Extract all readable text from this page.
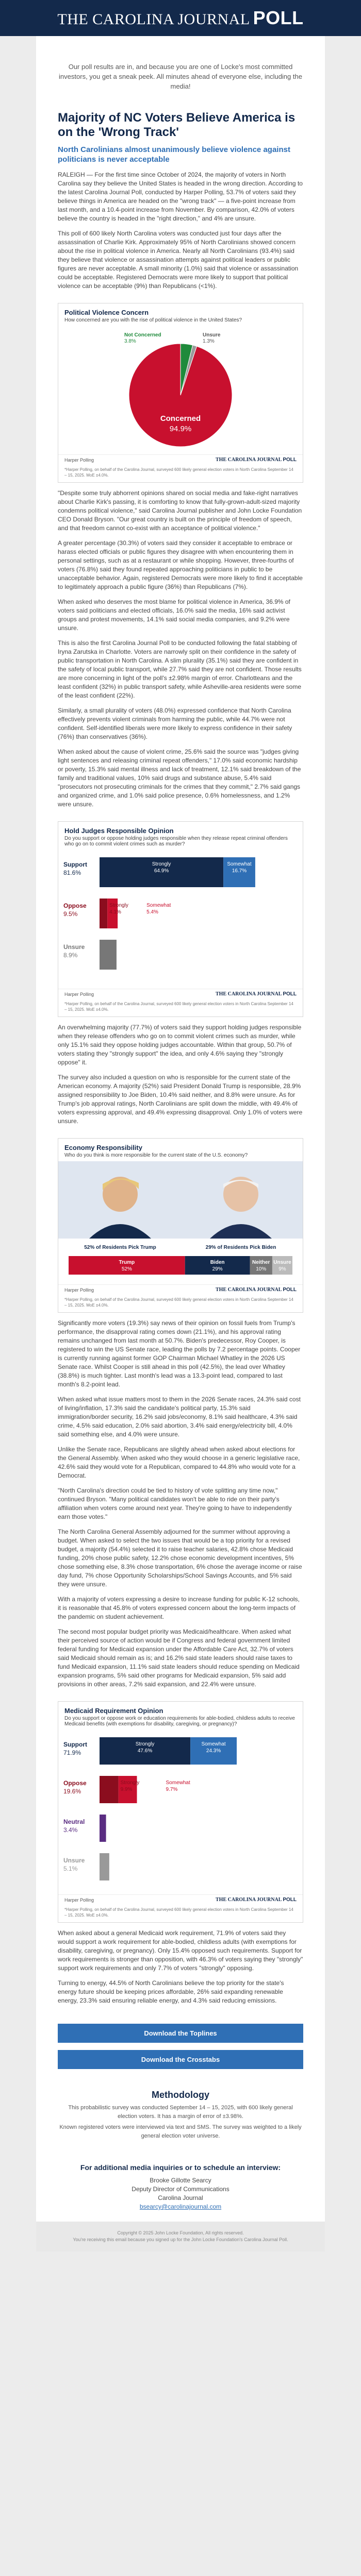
THE CAROLINA JOURNAL POLL
Our poll results are in, and because you are one of Locke's most committed investors, you get a sneak peek. All minutes ahead of everyone else, including the media!
Majority of NC Voters Believe America is on the 'Wrong Track'
North Carolinians almost unanimously believe violence against politicians is never acceptable

RALEIGH — For the first time since October of 2024, the majority of voters in North Carolina say they believe the United States is headed in the wrong direction. According to the latest Carolina Journal Poll, conducted by Harper Polling, 53.7% of voters said they believe things in America are headed on the "wrong track" — a five-point increase from last month, and a 10.4-point increase from November. By comparison, 42.0% of voters believe the country is headed in the "right direction," and 4% are unsure.

This poll of 600 likely North Carolina voters was conducted just four days after the assassination of Charlie Kirk. Approximately 95% of North Carolinians showed concern about the rise in political violence in America. Nearly all North Carolinians (93.4%) said they believe that violence or assassination attempts against political leaders or public figures are never acceptable. A small minority (1.0%) said that violence or assassination could be acceptable. Registered Democrats were more likely to support that political violence can be acceptable (9%) than Republicans (<1%).

Political Violence Concern
How concerned are you with the rise of political violence in the United States?
Not Concerned
3.8%
Unsure
1.3%
Concerned
94.9%
Harper Polling	THE CAROLINA JOURNAL POLL
*Harper Polling, on behalf of the Carolina Journal, surveyed 600 likely general election voters in North Carolina September 14 – 15, 2025. MoE ±4.0%.

"Despite some truly abhorrent opinions shared on social media and fake-right narratives about Charlie Kirk's passing, it is comforting to know that fully-grown-adult-sized majority condemns political violence," said Carolina Journal publisher and John Locke Foundation CEO Donald Bryson. "Our great country is built on the principle of freedom of speech, and that freedom cannot co-exist with an acceptance of political violence."

A greater percentage (30.3%) of voters said they consider it acceptable to embrace or harass elected officials or public figures they disagree with when encountering them in personal settings, such as at a restaurant or while shopping. However, three-fourths of voters (76.8%) said they found repeated approaching politicians in public to be unacceptable behavior. Again, registered Democrats were more likely to find it acceptable to legitimately approach a public figure (36%) than Republicans (7%).

When asked who deserves the most blame for political violence in America, 36.9% of voters said politicians and elected officials, 16.0% said the media, 16% said activist groups and protest movements, 14.1% said social media companies, and 9.2% were unsure.

This is also the first Carolina Journal Poll to be conducted following the fatal stabbing of Iryna Zarutska in Charlotte. Voters are narrowly split on their confidence in the safety of public transportation in North Carolina. A slim plurality (35.1%) said they are confident in the safety of local public transport, while 27.7% said they are not confident. Those results are more concerning in light of the poll's ±2.98% margin of error. Charlotteans and the least confident (32%) in public transport safety, while Asheville-area residents were some of the least confident (22%).

Similarly, a small plurality of voters (48.0%) expressed confidence that North Carolina effectively prevents violent criminals from harming the public, while 44.7% were not confident. Self-identified liberals were more likely to express confidence in their safety (76%) than conservatives (36%).

When asked about the cause of violent crime, 25.6% said the source was "judges giving light sentences and releasing criminal repeat offenders," 17.0% said economic hardship or poverty, 15.3% said mental illness and lack of treatment, 12.1% said breakdown of the family and traditional values, 10% said drugs and substance abuse, 5.4% said "prosecutors not prosecuting criminals for the crimes that they commit," 2.7% said gangs and organized crime, and 1.0% said police presence, 0.6% homelessness, and 1.2% were unsure.

Hold Judges Responsible Opinion
Do you support or oppose holding judges responsible when they release repeat criminal offenders who go on to commit violent crimes such as murder?
Support
81.6%
Strongly
64.9%
Somewhat
16.7%
Oppose
9.5%
Strongly
4.1%
Somewhat
5.4%
Unsure
8.9%
Harper Polling	THE CAROLINA JOURNAL POLL
*Harper Polling, on behalf of the Carolina Journal, surveyed 600 likely general election voters in North Carolina September 14 – 15, 2025. MoE ±4.0%.

An overwhelming majority (77.7%) of voters said they support holding judges responsible when they release offenders who go on to commit violent crimes such as murder, while only 15.1% said they oppose holding judges accountable. Within that group, 50.7% of voters stating they "strongly support" the idea, and only 4.6% saying they "strongly oppose" it.

The survey also included a question on who is responsible for the current state of the American economy. A majority (52%) said President Donald Trump is responsible, 28.9% assigned responsibility to Joe Biden, 10.4% said neither, and 8.8% were unsure. As for Trump's job approval ratings, North Carolinians are split down the middle, with 49.4% of voters expressing approval, and 49.4% expressing disapproval. Only 1.0% of voters were unsure.

Economy Responsibility
Who do you think is more responsible for the current state of the U.S. economy?
52% of Residents Pick Trump	29% of Residents Pick Biden
Trump
52%
Biden
29%
Neither
10%
Unsure
9%
Harper Polling	THE CAROLINA JOURNAL POLL
*Harper Polling, on behalf of the Carolina Journal, surveyed 600 likely general election voters in North Carolina September 14 – 15, 2025. MoE ±4.0%.

Significantly more voters (19.3%) say news of their opinion on fossil fuels from Trump's performance, the disapproval rating comes down (21.1%), and his approval rating remains unchanged from last month at 50.7%. Biden's predecessor, Roy Cooper, is registered to win the US Senate race, leading the polls by 7.2 percentage points. Cooper is currently running against former GOP Chairman Michael Whatley in the 2026 US Senate race. Whilst Cooper is still ahead in this poll (42.5%), the lead over Whatley (38.8%) is much tighter. Last month's lead was a 13.3-point lead, compared to last month's 8.2-point lead.

When asked what issue matters most to them in the 2026 Senate races, 24.3% said cost of living/inflation, 17.3% said the candidate's political party, 15.3% said immigration/border security, 16.2% said jobs/economy, 8.1% said healthcare, 4.3% said crime, 4.5% said education, 2.0% said abortion, 3.4% said energy/electricity bill, 4.0% said something else, and 4.0% were unsure.

Unlike the Senate race, Republicans are slightly ahead when asked about elections for the General Assembly. When asked who they would choose in a generic legislative race, 42.6% said they would vote for a Republican, compared to 44.8% who would vote for a Democrat.

"North Carolina's direction could be tied to history of vote splitting any time now," continued Bryson. "Many political candidates won't be able to ride on their party's affiliation when voters come around next year. They're going to have to independently earn those votes."

The North Carolina General Assembly adjourned for the summer without approving a budget. When asked to select the two issues that would be a top priority for a revised budget, a majority (54.4%) selected it to raise teacher salaries, 42.8% chose Medicaid funding, 20% chose public safety, 12.2% chose economic development incentives, 5% chose something else, 8.3% chose transportation, 6% chose the average income or raise day fund, 7% chose Opportunity Scholarships/School Savings Accounts, and 5% said they were unsure.

With a majority of voters expressing a desire to increase funding for public K-12 schools, it is reasonable that 45.8% of voters expressed concern about the long-term impacts of the pandemic on student achievement.

The second most popular budget priority was Medicaid/healthcare. When asked what their perceived source of action would be if Congress and federal government limited federal funding for Medicaid expansion under the Affordable Care Act, 32.7% of voters said Medicaid should remain as is; and 16.2% said state leaders should raise taxes to fund Medicaid expansion, 11.1% said state leaders should reduce spending on Medicaid expansion programs, 5% said other programs for Medicaid expansion, 5% said add provisions in other areas, 7.2% said expansion, and 22.4% were unsure.

Medicaid Requirement Opinion
Do you support or oppose work or education requirements for able-bodied, childless adults to receive Medicaid benefits (with exemptions for disability, caregiving, or pregnancy)?
Support
71.9%
Strongly
47.6%
Somewhat
24.3%
Oppose
19.6%
Strongly
9.9%
Somewhat
9.7%
Neutral
3.4%
Unsure
5.1%
Harper Polling	THE CAROLINA JOURNAL POLL
*Harper Polling, on behalf of the Carolina Journal, surveyed 600 likely general election voters in North Carolina September 14 – 15, 2025. MoE ±4.0%.

When asked about a general Medicaid work requirement, 71.9% of voters said they would support a work requirement for able-bodied, childless adults (with exemptions for disability, caregiving, or pregnancy). Only 15.4% opposed such requirements. Support for work requirements is stronger than opposition, with 46.3% of voters saying they "strongly" support work requirements and only 7.7% of voters "strongly" opposing.

Turning to energy, 44.5% of North Carolinians believe the top priority for the state's energy future should be keeping prices affordable, 26% said expanding renewable energy, 23.3% said ensuring reliable energy, and 4.3% said reducing emissions.

Download the Toplines
Download the Crosstabs
Methodology

This probabilistic survey was conducted September 14 – 15, 2025, with 600 likely general election voters. It has a margin of error of ±3.98%.

Known registered voters were interviewed via text and SMS. The survey was weighted to a likely general election voter universe.

For additional media inquiries or to schedule an interview:
Brooke Gillotte Searcy
Deputy Director of Communications
Carolina Journal
bsearcy@carolinajournal.com
Copyright © 2025 John Locke Foundation, All rights reserved.
You're receiving this email because you signed up for the John Locke Foundation's Carolina Journal Poll.
